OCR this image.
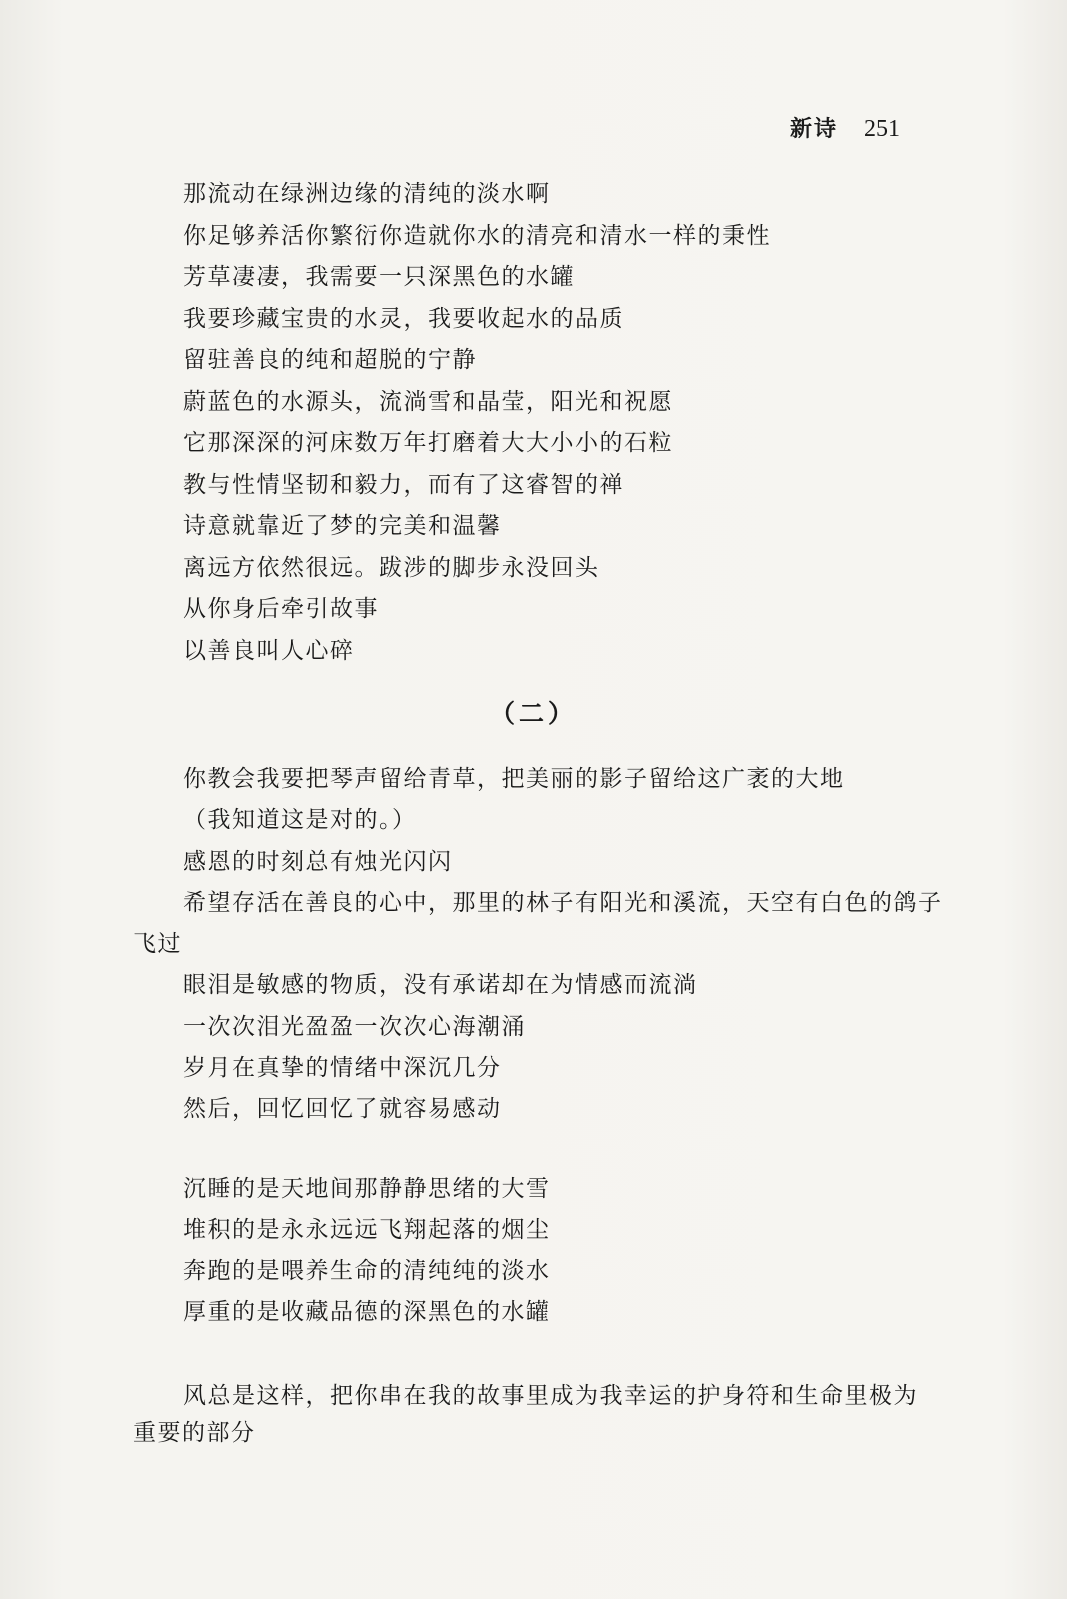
新诗 251
那流动在绿洲边缘的清纯的淡水啊
你足够养活你繁衍你造就你水的清亮和清水一样的秉性
芳草凄凄，我需要一只深黑色的水罐
我要珍藏宝贵的水灵，我要收起水的品质
留驻善良的纯和超脱的宁静
蔚蓝色的水源头，流淌雪和晶莹，阳光和祝愿
它那深深的河床数万年打磨着大大小小的石粒
教与性情坚韧和毅力，而有了这睿智的禅
诗意就靠近了梦的完美和温馨
离远方依然很远。跋涉的脚步永没回头
从你身后牵引故事
以善良叫人心碎
（二）
你教会我要把琴声留给青草，把美丽的影子留给这广袤的大地
（我知道这是对的。）
感恩的时刻总有烛光闪闪
希望存活在善良的心中，那里的林子有阳光和溪流，天空有白色的鸽子
飞过
眼泪是敏感的物质，没有承诺却在为情感而流淌
一次次泪光盈盈一次次心海潮涌
岁月在真挚的情绪中深沉几分
然后，回忆回忆了就容易感动
沉睡的是天地间那静静思绪的大雪
堆积的是永永远远飞翔起落的烟尘
奔跑的是喂养生命的清纯纯的淡水
厚重的是收藏品德的深黑色的水罐
风总是这样，把你串在我的故事里成为我幸运的护身符和生命里极为
重要的部分
